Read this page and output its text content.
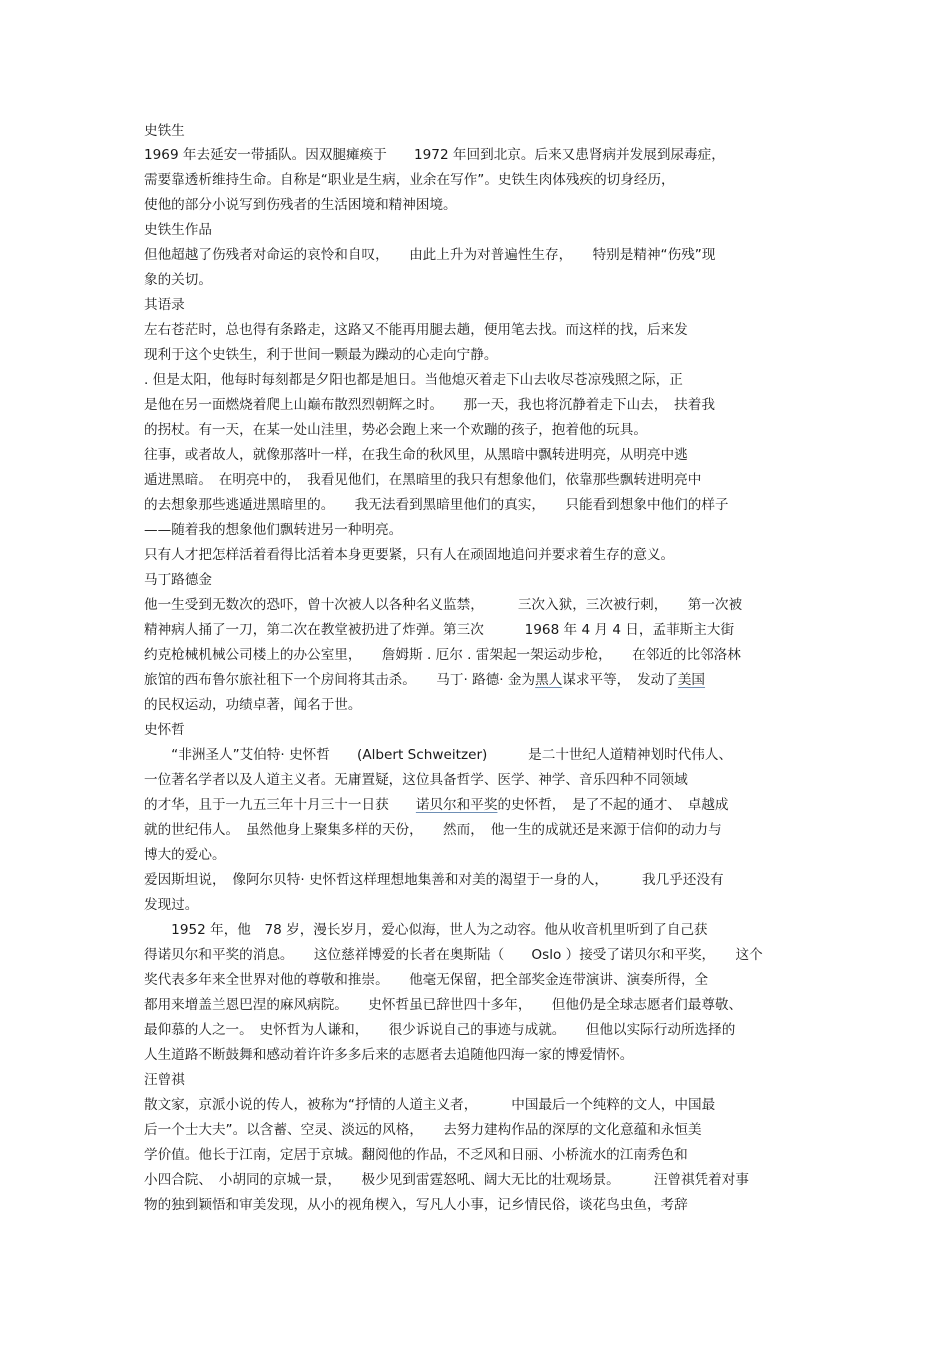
史铁生
1969 年去延安一带插队。因双腿瘫痪于　　1972 年回到北京。后来又患肾病并发展到尿毒症，
需要靠透析维持生命。自称是“职业是生病，业余在写作”。史铁生肉体残疾的切身经历，
使他的部分小说写到伤残者的生活困境和精神困境。
史铁生作品
但他超越了伤残者对命运的哀怜和自叹，　　由此上升为对普遍性生存，　　特别是精神“伤残”现
象的关切。
其语录
左右苍茫时，总也得有条路走，这路又不能再用腿去趟，便用笔去找。而这样的找，后来发
现利于这个史铁生，利于世间一颗最为躁动的心走向宁静。
. 但是太阳，他每时每刻都是夕阳也都是旭日。当他熄灭着走下山去收尽苍凉残照之际，正
是他在另一面燃烧着爬上山巅布散烈烈朝辉之时。　　那一天，我也将沉静着走下山去，　扶着我
的拐杖。有一天，在某一处山洼里，势必会跑上来一个欢蹦的孩子，抱着他的玩具。
往事，或者故人，就像那落叶一样，在我生命的秋风里，从黑暗中飘转进明亮，从明亮中逃
遁进黑暗。　在明亮中的，　我看见他们，在黑暗里的我只有想象他们，依靠那些飘转进明亮中
的去想象那些逃遁进黑暗里的。　　我无法看到黑暗里他们的真实，　　只能看到想象中他们的样子
——随着我的想象他们飘转进另一种明亮。
只有人才把怎样活着看得比活着本身更要紧，只有人在顽固地追问并要求着生存的意义。
马丁路德金
他一生受到无数次的恐吓，曾十次被人以各种名义监禁，　　　三次入狱，三次被行刺，　　第一次被
精神病人捅了一刀，第二次在教堂被扔进了炸弹。第三次　　　1968 年 4 月 4 日，孟菲斯主大街
约克枪械机械公司楼上的办公室里，　　詹姆斯 . 厄尔 . 雷架起一架运动步枪，　　在邻近的比邻洛林
旅馆的西布鲁尔旅社租下一个房间将其击杀。　　马丁· 路德· 金为黑人谋求平等，　发动了美国
的民权运动，功绩卓著，闻名于世。
史怀哲
　　“非洲圣人”艾伯特· 史怀哲　　(Albert Schweitzer)　　　是二十世纪人道精神划时代伟人、
一位著名学者以及人道主义者。无庸置疑，这位具备哲学、医学、神学、音乐四种不同领域
的才华，且于一九五三年十月三十一日获　　诺贝尔和平奖的史怀哲，　是了不起的通才、　卓越成
就的世纪伟人。　虽然他身上聚集多样的天份，　　然而，　他一生的成就还是来源于信仰的动力与
博大的爱心。
爱因斯坦说，　像阿尔贝特· 史怀哲这样理想地集善和对美的渴望于一身的人，　　　我几乎还没有
发现过。
　　1952 年，他　78 岁，漫长岁月，爱心似海，世人为之动容。他从收音机里听到了自己获
得诺贝尔和平奖的消息。　　这位慈祥博爱的长者在奥斯陆（　　Oslo ）接受了诺贝尔和平奖，　　这个
奖代表多年来全世界对他的尊敬和推崇。　　他毫无保留，把全部奖金连带演讲、演奏所得，全
都用来增盖兰恩巴涅的麻风病院。　　史怀哲虽已辞世四十多年，　　但他仍是全球志愿者们最尊敬、
最仰慕的人之一。　史怀哲为人谦和，　　很少诉说自己的事迹与成就。　　但他以实际行动所选择的
人生道路不断鼓舞和感动着许许多多后来的志愿者去追随他四海一家的博爱情怀。
汪曾祺
散文家，京派小说的传人，被称为“抒情的人道主义者，　　　中国最后一个纯粹的文人，中国最
后一个士大夫”。以含蓄、空灵、淡远的风格，　　去努力建构作品的深厚的文化意蕴和永恒美
学价值。他长于江南，定居于京城。翻阅他的作品，不乏风和日丽、小桥流水的江南秀色和
小四合院、　小胡同的京城一景，　　极少见到雷霆怒吼、阔大无比的壮观场景。　　　汪曾祺凭着对事
物的独到颖悟和审美发现，从小的视角楔入，写凡人小事，记乡情民俗，谈花鸟虫鱼，考辞
